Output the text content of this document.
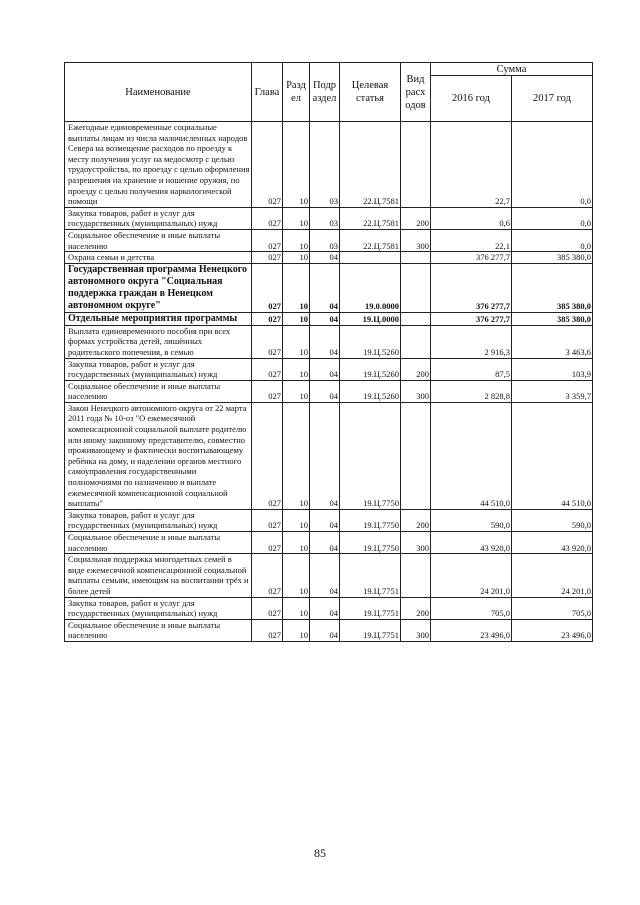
Наименование	Глава	Разд ел	Подр аздел	Целевая статья	Вид расх одов	Сумма	
						2016 год	2017 год
Ежегодные единовременные социальные выплаты лицам из числа малочисленных народов Севера на возмещение расходов по проезду к месту получения услуг на медосмотр с целью трудоустройства, по проезду с целью оформления разрешения на хранение и ношение оружия, по проезду с целью получения наркологической помощи	027	10	03	22.Ц.7581		22,7	0,0
Закупка товаров, работ и услуг для государственных (муниципальных) нужд	027	10	03	22.Ц.7581	200	0,6	0,0
Социальное обеспечение и иные выплаты населению	027	10	03	22.Ц.7581	300	22,1	0,0
Охрана семьи и детства	027	10	04			376 277,7	385 380,0
Государственная программа Ненецкого автономного округа "Социальная поддержка граждан в Ненецком автономном округе"	027	10	04	19.0.0000		376 277,7	385 380,0
Отдельные мероприятия программы	027	10	04	19.Ц.0000		376 277,7	385 380,0
Выплата единовременного пособия при всех формах устройства детей, лишённых родительского попечения, в семью	027	10	04	19.Ц.5260		2 916,3	3 463,6
Закупка товаров, работ и услуг для государственных (муниципальных) нужд	027	10	04	19.Ц.5260	200	87,5	103,9
Социальное обеспечение и иные выплаты населению	027	10	04	19.Ц.5260	300	2 828,8	3 359,7
Закон Ненецкого автономного округа от 22 марта 2011 года № 10-оз "О ежемесячной компенсационной социальной выплате родителю или иному законному представителю, совместно проживающему и фактически воспитывающему ребёнка на дому, и наделении органов местного самоуправления государственными полномочиями по назначению и выплате ежемесячной компенсационной социальной выплаты"	027	10	04	19.Ц.7750		44 510,0	44 510,0
Закупка товаров, работ и услуг для государственных (муниципальных) нужд	027	10	04	19.Ц.7750	200	590,0	590,0
Социальное обеспечение и иные выплаты населению	027	10	04	19.Ц.7750	300	43 920,0	43 920,0
Социальная поддержка многодетных семей в виде ежемесячной компенсационной социальной выплаты семьям, имеющим на воспитании трёх и более детей	027	10	04	19.Ц.7751		24 201,0	24 201,0
Закупка товаров, работ и услуг для государственных (муниципальных) нужд	027	10	04	19.Ц.7751	200	705,0	705,0
Социальное обеспечение и иные выплаты населению	027	10	04	19.Ц.7751	300	23 496,0	23 496,0
85
